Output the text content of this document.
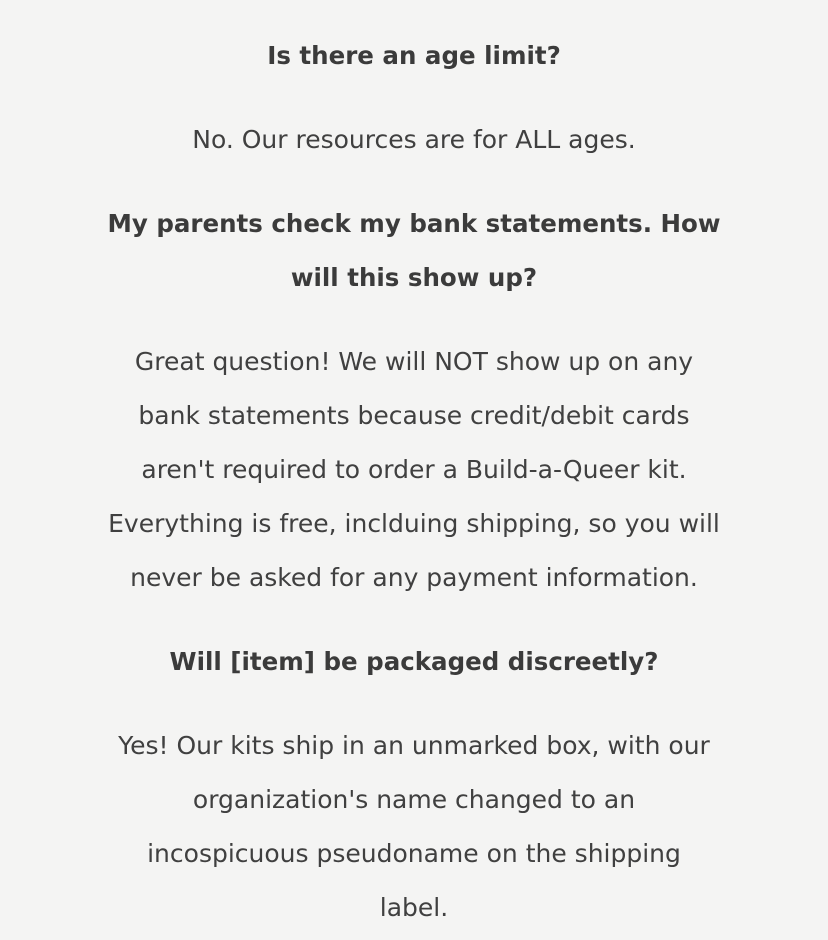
Is there an age limit?

No. Our resources are for ALL ages.

My parents check my bank statements. How
will this show up?

Great question! We will NOT show up on any
bank statements because credit/debit cards
aren't required to order a Build-a-Queer kit.
Everything is free, inclduing shipping, so you will
never be asked for any payment information.

Will [item] be packaged discreetly?

Yes! Our kits ship in an unmarked box, with our
organization's name changed to an
incospicuous pseudoname on the shipping
label.
